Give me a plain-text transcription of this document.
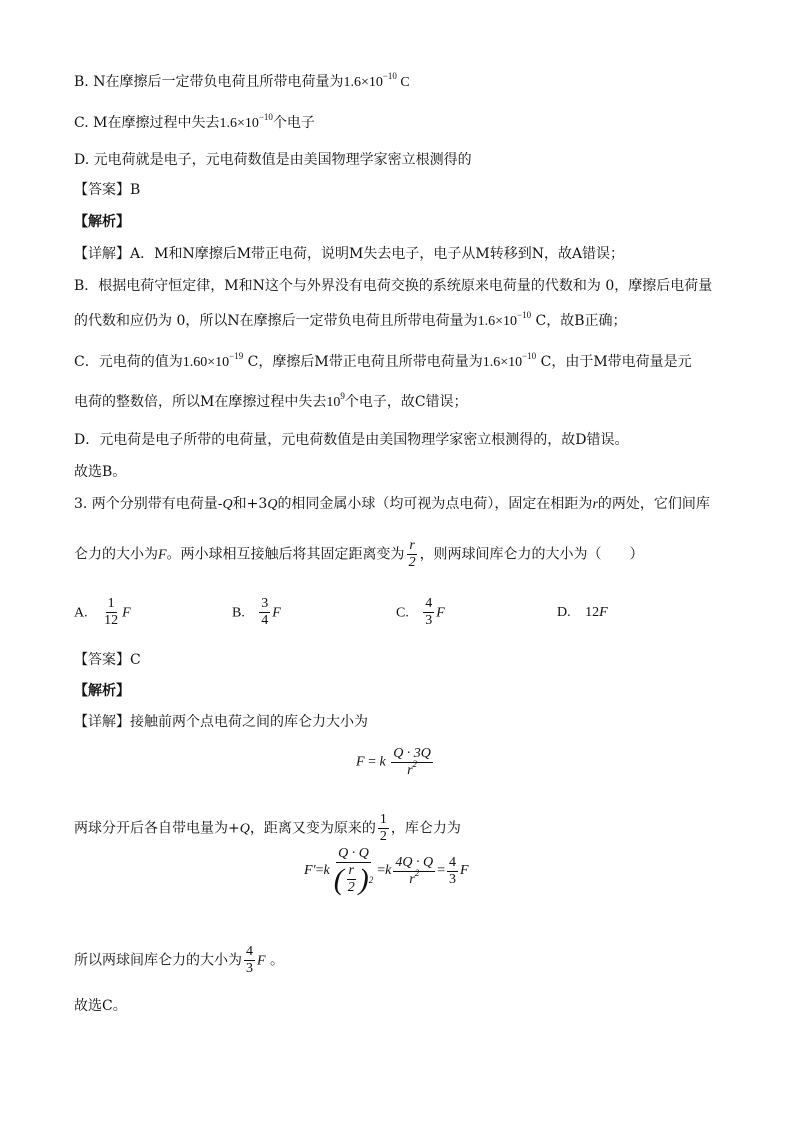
B. N在摩擦后一定带负电荷且所带电荷量为$1.6\times 10^{-10}$ C
C. M在摩擦过程中失去$1.6\times 10^{-10}$个电子
D. 元电荷就是电子，元电荷数值是由美国物理学家密立根测得的
【答案】B
【解析】
【详解】A．M和N摩擦后M带正电荷，说明M失去电子，电子从M转移到N，故A错误；
B．根据电荷守恒定律，M和N这个与外界没有电荷交换的系统原来电荷量的代数和为 0，摩擦后电荷量
的代数和应仍为 0，所以N在摩擦后一定带负电荷且所带电荷量为$1.6\times 10^{-10}$ C，故B正确；
C．元电荷的值为$1.60\times 10^{-19}$ C，摩擦后M带正电荷且所带电荷量为$1.6\times 10^{-10}$ C，由于M带电荷量是元
电荷的整数倍，所以M在摩擦过程中失去$10^9$个电子，故C错误；
D．元电荷是电子所带的电荷量，元电荷数值是由美国物理学家密立根测得的，故D错误。
故选B。
3. 两个分别带有电荷量-Q和+3Q的相同金属小球（均可视为点电荷），固定在相距为r的两处，它们间库
仑力的大小为F。两小球相互接触后将其固定距离变为 $\frac{r}{2}$ ，则两球间库仑力的大小为（　　）
A. $\frac{1}{12}$ F	B. $\frac{3}{4}$ F	C. $\frac{4}{3}$ F	D. 12F
【答案】C
【解析】
【详解】接触前两个点电荷之间的库仑力大小为
F = k $\frac{Q \cdot 3Q}{r^2}$
两球分开后各自带电量为+Q，距离又变为原来的 $\frac{1}{2}$ ，库仑力为
F′ = k $\frac{Q \cdot Q}{( \frac{r}{2} ) 2} = k \frac{4Q \cdot Q}{r^2} = \frac{4}{3}$ F
所以两球间库仑力的大小为 $\frac{4}{3}$ F 。
故选C。
